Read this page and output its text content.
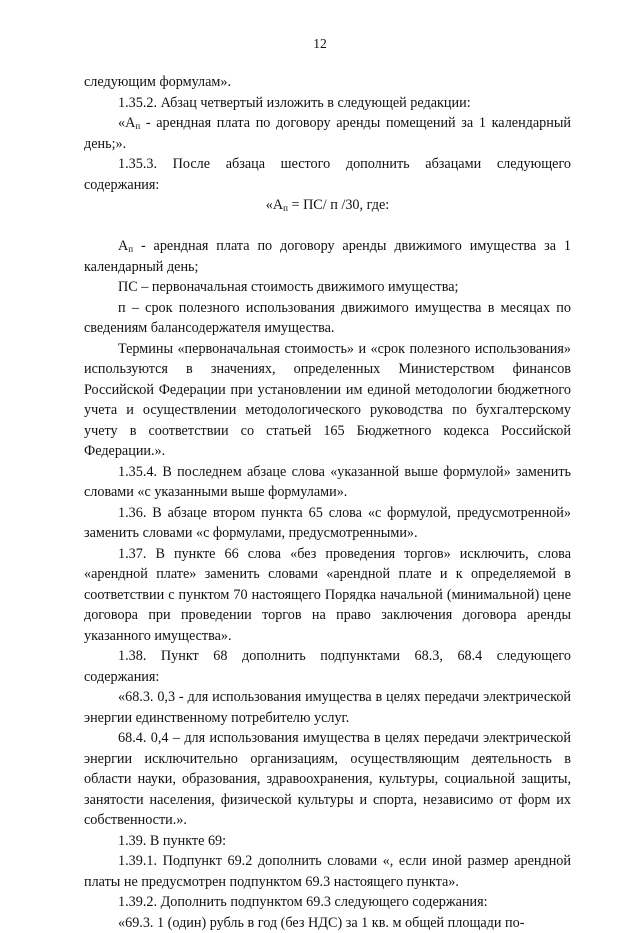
12

следующим формулам».

1.35.2. Абзац четвертый изложить в следующей редакции:

«$А_п$ - арендная плата по договору аренды помещений за 1 календарный день;».

1.35.3. После абзаца шестого дополнить абзацами следующего содержания:

«$А_п = ПС/$ п /30, где:

$А_п$ - арендная плата по договору аренды движимого имущества за 1 календарный день;

ПС – первоначальная стоимость движимого имущества;

п – срок полезного использования движимого имущества в месяцах по сведениям балансодержателя имущества.

Термины «первоначальная стоимость» и «срок полезного использования» используются в значениях, определенных Министерством финансов Российской Федерации при установлении им единой методологии бюджетного учета и осуществлении методологического руководства по бухгалтерскому учету в соответствии со статьей 165 Бюджетного кодекса Российской Федерации.».

1.35.4. В последнем абзаце слова «указанной выше формулой» заменить словами «с указанными выше формулами».

1.36. В абзаце втором пункта 65 слова «с формулой, предусмотренной» заменить словами «с формулами, предусмотренными».

1.37. В пункте 66 слова «без проведения торгов» исключить, слова «арендной плате» заменить словами «арендной плате и к определяемой в соответствии с пунктом 70 настоящего Порядка начальной (минимальной) цене договора при проведении торгов на право заключения договора аренды указанного имущества».

1.38. Пункт 68 дополнить подпунктами 68.3, 68.4 следующего содержания:

«68.3. 0,3 - для использования имущества в целях передачи электрической энергии единственному потребителю услуг.

68.4. 0,4 – для использования имущества в целях передачи электрической энергии исключительно организациям, осуществляющим деятельность в области науки, образования, здравоохранения, культуры, социальной защиты, занятости населения, физической культуры и спорта, независимо от форм их собственности.».

1.39. В пункте 69:

1.39.1. Подпункт 69.2 дополнить словами «, если иной размер арендной платы не предусмотрен подпунктом 69.3 настоящего пункта».

1.39.2. Дополнить подпунктом 69.3 следующего содержания:

«69.3. 1 (один) рубль в год (без НДС) за 1 кв. м общей площади по-
